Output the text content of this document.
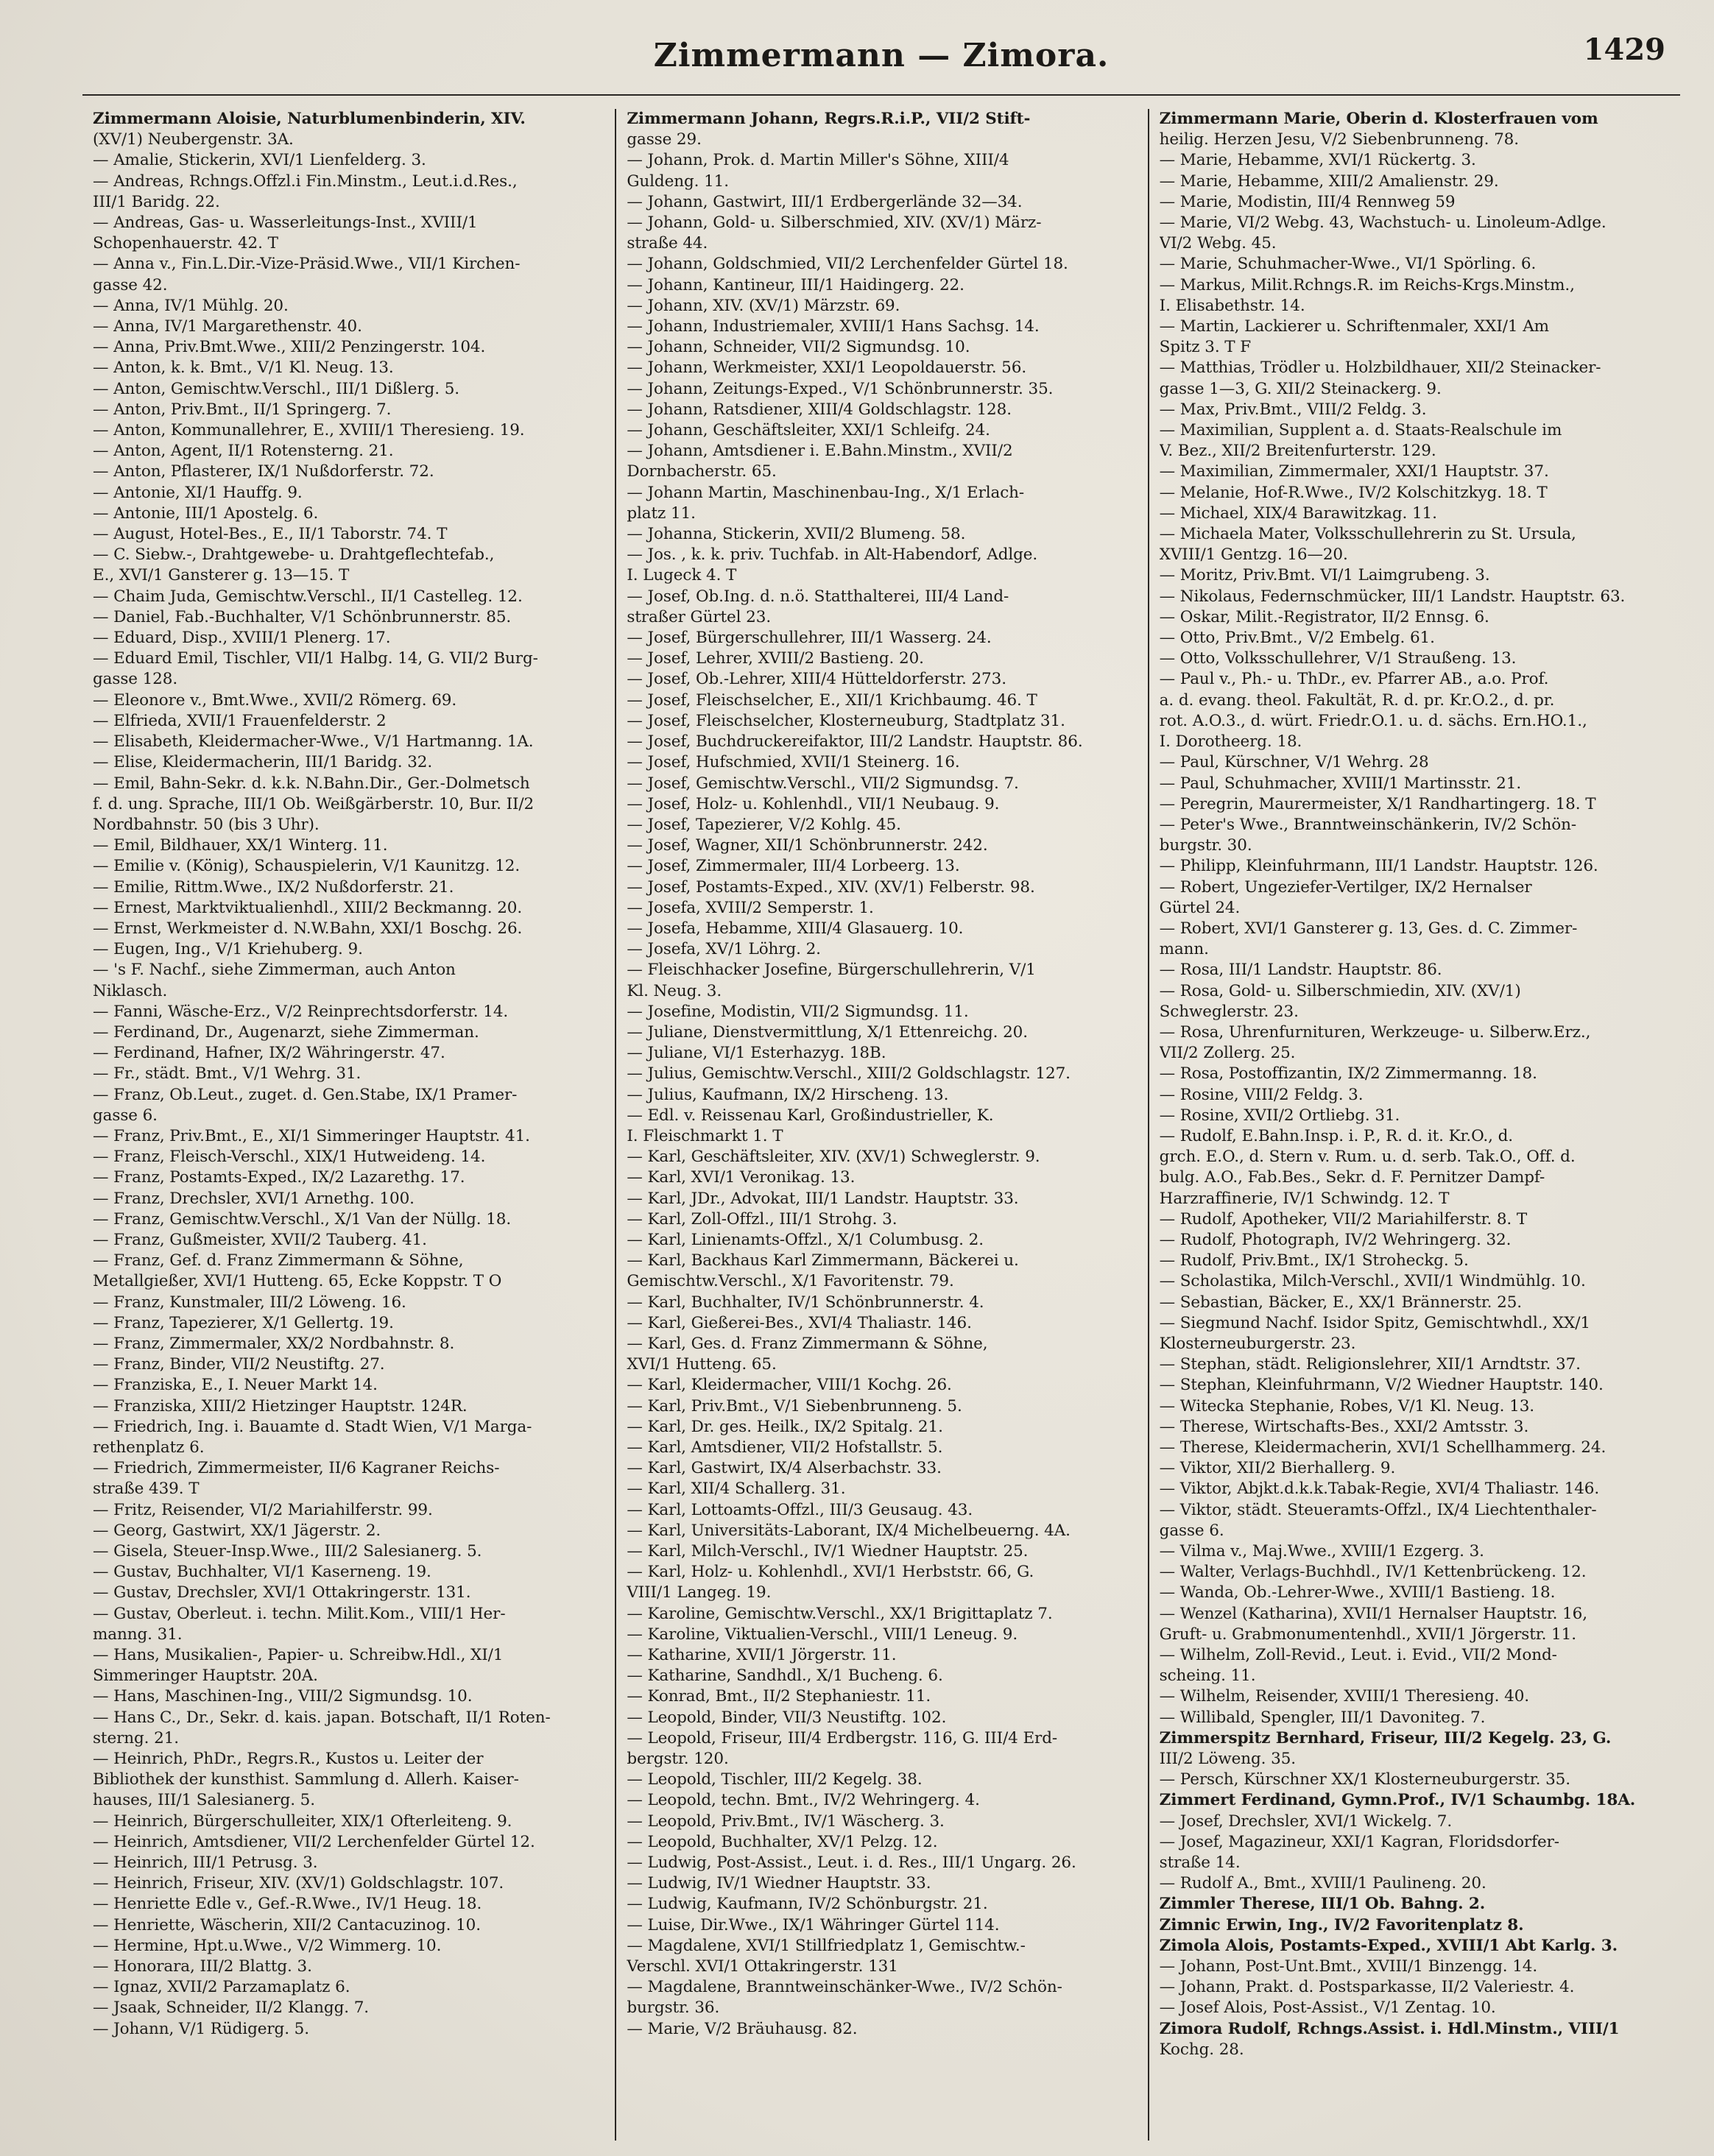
Zimmermann — Zimora.	1429
Zimmermann Aloisie, Naturblumenbinderin, XIV.
(XV/1) Neubergenstr. 3A.
— Amalie, Stickerin, XVI/1 Lienfelderg. 3.
— Andreas, Rchngs.Offzl.i Fin.Minstm., Leut.i.d.Res.,
III/1 Baridg. 22.
— Andreas, Gas- u. Wasserleitungs-Inst., XVIII/1
Schopenhauerstr. 42. T
— Anna v., Fin.L.Dir.-Vize-Präsid.Wwe., VII/1 Kirchen-
gasse 42.
— Anna, IV/1 Mühlg. 20.
— Anna, IV/1 Margarethenstr. 40.
— Anna, Priv.Bmt.Wwe., XIII/2 Penzingerstr. 104.
— Anton, k. k. Bmt., V/1 Kl. Neug. 13.
— Anton, Gemischtw.Verschl., III/1 Dißlerg. 5.
— Anton, Priv.Bmt., II/1 Springerg. 7.
— Anton, Kommunallehrer, E., XVIII/1 Theresieng. 19.
— Anton, Agent, II/1 Rotensterng. 21.
— Anton, Pflasterer, IX/1 Nußdorferstr. 72.
— Antonie, XI/1 Hauffg. 9.
— Antonie, III/1 Apostelg. 6.
— August, Hotel-Bes., E., II/1 Taborstr. 74. T
— C. Siebw.-, Drahtgewebe- u. Drahtgeflechtefab.,
E., XVI/1 Gansterer g. 13—15. T
— Chaim Juda, Gemischtw.Verschl., II/1 Castelleg. 12.
— Daniel, Fab.-Buchhalter, V/1 Schönbrunnerstr. 85.
— Eduard, Disp., XVIII/1 Plenerg. 17.
— Eduard Emil, Tischler, VII/1 Halbg. 14, G. VII/2 Burg-
gasse 128.
— Eleonore v., Bmt.Wwe., XVII/2 Römerg. 69.
— Elfrieda, XVII/1 Frauenfelderstr. 2
— Elisabeth, Kleidermacher-Wwe., V/1 Hartmanng. 1A.
— Elise, Kleidermacherin, III/1 Baridg. 32.
— Emil, Bahn-Sekr. d. k.k. N.Bahn.Dir., Ger.-Dolmetsch
f. d. ung. Sprache, III/1 Ob. Weißgärberstr. 10, Bur. II/2
Nordbahnstr. 50 (bis 3 Uhr).
— Emil, Bildhauer, XX/1 Winterg. 11.
— Emilie v. (König), Schauspielerin, V/1 Kaunitzg. 12.
— Emilie, Rittm.Wwe., IX/2 Nußdorferstr. 21.
— Ernest, Marktviktualienhdl., XIII/2 Beckmanng. 20.
— Ernst, Werkmeister d. N.W.Bahn, XXI/1 Boschg. 26.
— Eugen, Ing., V/1 Kriehuberg. 9.
— 's F. Nachf., siehe Zimmerman, auch Anton
Niklasch.
— Fanni, Wäsche-Erz., V/2 Reinprechtsdorferstr. 14.
— Ferdinand, Dr., Augenarzt, siehe Zimmerman.
— Ferdinand, Hafner, IX/2 Währingerstr. 47.
— Fr., städt. Bmt., V/1 Wehrg. 31.
— Franz, Ob.Leut., zuget. d. Gen.Stabe, IX/1 Pramer-
gasse 6.
— Franz, Priv.Bmt., E., XI/1 Simmeringer Hauptstr. 41.
— Franz, Fleisch-Verschl., XIX/1 Hutweideng. 14.
— Franz, Postamts-Exped., IX/2 Lazarethg. 17.
— Franz, Drechsler, XVI/1 Arnethg. 100.
— Franz, Gemischtw.Verschl., X/1 Van der Nüllg. 18.
— Franz, Gußmeister, XVII/2 Tauberg. 41.
— Franz, Gef. d. Franz Zimmermann & Söhne,
Metallgießer, XVI/1 Hutteng. 65, Ecke Koppstr. T O
— Franz, Kunstmaler, III/2 Löweng. 16.
— Franz, Tapezierer, X/1 Gellertg. 19.
— Franz, Zimmermaler, XX/2 Nordbahnstr. 8.
— Franz, Binder, VII/2 Neustiftg. 27.
— Franziska, E., I. Neuer Markt 14.
— Franziska, XIII/2 Hietzinger Hauptstr. 124R.
— Friedrich, Ing. i. Bauamte d. Stadt Wien, V/1 Marga-
rethenplatz 6.
— Friedrich, Zimmermeister, II/6 Kagraner Reichs-
straße 439. T
— Fritz, Reisender, VI/2 Mariahilferstr. 99.
— Georg, Gastwirt, XX/1 Jägerstr. 2.
— Gisela, Steuer-Insp.Wwe., III/2 Salesianerg. 5.
— Gustav, Buchhalter, VI/1 Kaserneng. 19.
— Gustav, Drechsler, XVI/1 Ottakringerstr. 131.
— Gustav, Oberleut. i. techn. Milit.Kom., VIII/1 Her-
manng. 31.
— Hans, Musikalien-, Papier- u. Schreibw.Hdl., XI/1
Simmeringer Hauptstr. 20A.
— Hans, Maschinen-Ing., VIII/2 Sigmundsg. 10.
— Hans C., Dr., Sekr. d. kais. japan. Botschaft, II/1 Roten-
sterng. 21.
— Heinrich, PhDr., Regrs.R., Kustos u. Leiter der
Bibliothek der kunsthist. Sammlung d. Allerh. Kaiser-
hauses, III/1 Salesianerg. 5.
— Heinrich, Bürgerschulleiter, XIX/1 Ofterleiteng. 9.
— Heinrich, Amtsdiener, VII/2 Lerchenfelder Gürtel 12.
— Heinrich, III/1 Petrusg. 3.
— Heinrich, Friseur, XIV. (XV/1) Goldschlagstr. 107.
— Henriette Edle v., Gef.-R.Wwe., IV/1 Heug. 18.
— Henriette, Wäscherin, XII/2 Cantacuzinog. 10.
— Hermine, Hpt.u.Wwe., V/2 Wimmerg. 10.
— Honorara, III/2 Blattg. 3.
— Ignaz, XVII/2 Parzamaplatz 6.
— Jsaak, Schneider, II/2 Klangg. 7.
— Johann, V/1 Rüdigerg. 5.
Zimmermann Johann, Regrs.R.i.P., VII/2 Stift-
gasse 29.
— Johann, Prok. d. Martin Miller's Söhne, XIII/4
Guldeng. 11.
— Johann, Gastwirt, III/1 Erdbergerlände 32—34.
— Johann, Gold- u. Silberschmied, XIV. (XV/1) März-
straße 44.
— Johann, Goldschmied, VII/2 Lerchenfelder Gürtel 18.
— Johann, Kantineur, III/1 Haidingerg. 22.
— Johann, XIV. (XV/1) Märzstr. 69.
— Johann, Industriemaler, XVIII/1 Hans Sachsg. 14.
— Johann, Schneider, VII/2 Sigmundsg. 10.
— Johann, Werkmeister, XXI/1 Leopoldauerstr. 56.
— Johann, Zeitungs-Exped., V/1 Schönbrunnerstr. 35.
— Johann, Ratsdiener, XIII/4 Goldschlagstr. 128.
— Johann, Geschäftsleiter, XXI/1 Schleifg. 24.
— Johann, Amtsdiener i. E.Bahn.Minstm., XVII/2
Dornbacherstr. 65.
— Johann Martin, Maschinenbau-Ing., X/1 Erlach-
platz 11.
— Johanna, Stickerin, XVII/2 Blumeng. 58.
— Jos. , k. k. priv. Tuchfab. in Alt-Habendorf, Adlge.
I. Lugeck 4. T
— Josef, Ob.Ing. d. n.ö. Statthalterei, III/4 Land-
straßer Gürtel 23.
— Josef, Bürgerschullehrer, III/1 Wasserg. 24.
— Josef, Lehrer, XVIII/2 Bastieng. 20.
— Josef, Ob.-Lehrer, XIII/4 Hütteldorferstr. 273.
— Josef, Fleischselcher, E., XII/1 Krichbaumg. 46. T
— Josef, Fleischselcher, Klosterneuburg, Stadtplatz 31.
— Josef, Buchdruckereifaktor, III/2 Landstr. Hauptstr. 86.
— Josef, Hufschmied, XVII/1 Steinerg. 16.
— Josef, Gemischtw.Verschl., VII/2 Sigmundsg. 7.
— Josef, Holz- u. Kohlenhdl., VII/1 Neubaug. 9.
— Josef, Tapezierer, V/2 Kohlg. 45.
— Josef, Wagner, XII/1 Schönbrunnerstr. 242.
— Josef, Zimmermaler, III/4 Lorbeerg. 13.
— Josef, Postamts-Exped., XIV. (XV/1) Felberstr. 98.
— Josefa, XVIII/2 Semperstr. 1.
— Josefa, Hebamme, XIII/4 Glasauerg. 10.
— Josefa, XV/1 Löhrg. 2.
— Fleischhacker Josefine, Bürgerschullehrerin, V/1
Kl. Neug. 3.
— Josefine, Modistin, VII/2 Sigmundsg. 11.
— Juliane, Dienstvermittlung, X/1 Ettenreichg. 20.
— Juliane, VI/1 Esterhazyg. 18B.
— Julius, Gemischtw.Verschl., XIII/2 Goldschlagstr. 127.
— Julius, Kaufmann, IX/2 Hirscheng. 13.
— Edl. v. Reissenau Karl, Großindustrieller, K.
I. Fleischmarkt 1. T
— Karl, Geschäftsleiter, XIV. (XV/1) Schweglerstr. 9.
— Karl, XVI/1 Veronikag. 13.
— Karl, JDr., Advokat, III/1 Landstr. Hauptstr. 33.
— Karl, Zoll-Offzl., III/1 Strohg. 3.
— Karl, Linienamts-Offzl., X/1 Columbusg. 2.
— Karl, Backhaus Karl Zimmermann, Bäckerei u.
Gemischtw.Verschl., X/1 Favoritenstr. 79.
— Karl, Buchhalter, IV/1 Schönbrunnerstr. 4.
— Karl, Gießerei-Bes., XVI/4 Thaliastr. 146.
— Karl, Ges. d. Franz Zimmermann & Söhne,
XVI/1 Hutteng. 65.
— Karl, Kleidermacher, VIII/1 Kochg. 26.
— Karl, Priv.Bmt., V/1 Siebenbrunneng. 5.
— Karl, Dr. ges. Heilk., IX/2 Spitalg. 21.
— Karl, Amtsdiener, VII/2 Hofstallstr. 5.
— Karl, Gastwirt, IX/4 Alserbachstr. 33.
— Karl, XII/4 Schallerg. 31.
— Karl, Lottoamts-Offzl., III/3 Geusaug. 43.
— Karl, Universitäts-Laborant, IX/4 Michelbeuerng. 4A.
— Karl, Milch-Verschl., IV/1 Wiedner Hauptstr. 25.
— Karl, Holz- u. Kohlenhdl., XVI/1 Herbststr. 66, G.
VIII/1 Langeg. 19.
— Karoline, Gemischtw.Verschl., XX/1 Brigittaplatz 7.
— Karoline, Viktualien-Verschl., VIII/1 Leneug. 9.
— Katharine, XVII/1 Jörgerstr. 11.
— Katharine, Sandhdl., X/1 Bucheng. 6.
— Konrad, Bmt., II/2 Stephaniestr. 11.
— Leopold, Binder, VII/3 Neustiftg. 102.
— Leopold, Friseur, III/4 Erdbergstr. 116, G. III/4 Erd-
bergstr. 120.
— Leopold, Tischler, III/2 Kegelg. 38.
— Leopold, techn. Bmt., IV/2 Wehringerg. 4.
— Leopold, Priv.Bmt., IV/1 Wäscherg. 3.
— Leopold, Buchhalter, XV/1 Pelzg. 12.
— Ludwig, Post-Assist., Leut. i. d. Res., III/1 Ungarg. 26.
— Ludwig, IV/1 Wiedner Hauptstr. 33.
— Ludwig, Kaufmann, IV/2 Schönburgstr. 21.
— Luise, Dir.Wwe., IX/1 Währinger Gürtel 114.
— Magdalene, XVI/1 Stillfriedplatz 1, Gemischtw.-
Verschl. XVI/1 Ottakringerstr. 131
— Magdalene, Branntweinschänker-Wwe., IV/2 Schön-
burgstr. 36.
— Marie, V/2 Bräuhausg. 82.
Zimmermann Marie, Oberin d. Klosterfrauen vom
heilig. Herzen Jesu, V/2 Siebenbrunneng. 78.
— Marie, Hebamme, XVI/1 Rückertg. 3.
— Marie, Hebamme, XIII/2 Amalienstr. 29.
— Marie, Modistin, III/4 Rennweg 59
— Marie, VI/2 Webg. 43, Wachstuch- u. Linoleum-Adlge.
VI/2 Webg. 45.
— Marie, Schuhmacher-Wwe., VI/1 Spörling. 6.
— Markus, Milit.Rchngs.R. im Reichs-Krgs.Minstm.,
I. Elisabethstr. 14.
— Martin, Lackierer u. Schriftenmaler, XXI/1 Am
Spitz 3. T F
— Matthias, Trödler u. Holzbildhauer, XII/2 Steinacker-
gasse 1—3, G. XII/2 Steinackerg. 9.
— Max, Priv.Bmt., VIII/2 Feldg. 3.
— Maximilian, Supplent a. d. Staats-Realschule im
V. Bez., XII/2 Breitenfurterstr. 129.
— Maximilian, Zimmermaler, XXI/1 Hauptstr. 37.
— Melanie, Hof-R.Wwe., IV/2 Kolschitzkyg. 18. T
— Michael, XIX/4 Barawitzkag. 11.
— Michaela Mater, Volksschullehrerin zu St. Ursula,
XVIII/1 Gentzg. 16—20.
— Moritz, Priv.Bmt. VI/1 Laimgrubeng. 3.
— Nikolaus, Federnschmücker, III/1 Landstr. Hauptstr. 63.
— Oskar, Milit.-Registrator, II/2 Ennsg. 6.
— Otto, Priv.Bmt., V/2 Embelg. 61.
— Otto, Volksschullehrer, V/1 Straußeng. 13.
— Paul v., Ph.- u. ThDr., ev. Pfarrer AB., a.o. Prof.
a. d. evang. theol. Fakultät, R. d. pr. Kr.O.2., d. pr.
rot. A.O.3., d. würt. Friedr.O.1. u. d. sächs. Ern.HO.1.,
I. Dorotheerg. 18.
— Paul, Kürschner, V/1 Wehrg. 28
— Paul, Schuhmacher, XVIII/1 Martinsstr. 21.
— Peregrin, Maurermeister, X/1 Randhartingerg. 18. T
— Peter's Wwe., Branntweinschänkerin, IV/2 Schön-
burgstr. 30.
— Philipp, Kleinfuhrmann, III/1 Landstr. Hauptstr. 126.
— Robert, Ungeziefer-Vertilger, IX/2 Hernalser
Gürtel 24.
— Robert, XVI/1 Gansterer g. 13, Ges. d. C. Zimmer-
mann.
— Rosa, III/1 Landstr. Hauptstr. 86.
— Rosa, Gold- u. Silberschmiedin, XIV. (XV/1)
Schweglerstr. 23.
— Rosa, Uhrenfurnituren, Werkzeuge- u. Silberw.Erz.,
VII/2 Zollerg. 25.
— Rosa, Postoffizantin, IX/2 Zimmermanng. 18.
— Rosine, VIII/2 Feldg. 3.
— Rosine, XVII/2 Ortliebg. 31.
— Rudolf, E.Bahn.Insp. i. P., R. d. it. Kr.O., d.
grch. E.O., d. Stern v. Rum. u. d. serb. Tak.O., Off. d.
bulg. A.O., Fab.Bes., Sekr. d. F. Pernitzer Dampf-
Harzraffinerie, IV/1 Schwindg. 12. T
— Rudolf, Apotheker, VII/2 Mariahilferstr. 8. T
— Rudolf, Photograph, IV/2 Wehringerg. 32.
— Rudolf, Priv.Bmt., IX/1 Stroheckg. 5.
— Scholastika, Milch-Verschl., XVII/1 Windmühlg. 10.
— Sebastian, Bäcker, E., XX/1 Brännerstr. 25.
— Siegmund Nachf. Isidor Spitz, Gemischtwhdl., XX/1
Klosterneuburgerstr. 23.
— Stephan, städt. Religionslehrer, XII/1 Arndtstr. 37.
— Stephan, Kleinfuhrmann, V/2 Wiedner Hauptstr. 140.
— Witecka Stephanie, Robes, V/1 Kl. Neug. 13.
— Therese, Wirtschafts-Bes., XXI/2 Amtsstr. 3.
— Therese, Kleidermacherin, XVI/1 Schellhammerg. 24.
— Viktor, XII/2 Bierhallerg. 9.
— Viktor, Abjkt.d.k.k.Tabak-Regie, XVI/4 Thaliastr. 146.
— Viktor, städt. Steueramts-Offzl., IX/4 Liechtenthaler-
gasse 6.
— Vilma v., Maj.Wwe., XVIII/1 Ezgerg. 3.
— Walter, Verlags-Buchhdl., IV/1 Kettenbrückeng. 12.
— Wanda, Ob.-Lehrer-Wwe., XVIII/1 Bastieng. 18.
— Wenzel (Katharina), XVII/1 Hernalser Hauptstr. 16,
Gruft- u. Grabmonumentenhdl., XVII/1 Jörgerstr. 11.
— Wilhelm, Zoll-Revid., Leut. i. Evid., VII/2 Mond-
scheing. 11.
— Wilhelm, Reisender, XVIII/1 Theresieng. 40.
— Willibald, Spengler, III/1 Davoniteg. 7.
Zimmerspitz Bernhard, Friseur, III/2 Kegelg. 23, G.
III/2 Löweng. 35.
— Persch, Kürschner XX/1 Klosterneuburgerstr. 35.
Zimmert Ferdinand, Gymn.Prof., IV/1 Schaumbg. 18A.
— Josef, Drechsler, XVI/1 Wickelg. 7.
— Josef, Magazineur, XXI/1 Kagran, Floridsdorfer-
straße 14.
— Rudolf A., Bmt., XVIII/1 Paulineng. 20.
Zimmler Therese, III/1 Ob. Bahng. 2.
Zimnic Erwin, Ing., IV/2 Favoritenplatz 8.
Zimola Alois, Postamts-Exped., XVIII/1 Abt Karlg. 3.
— Johann, Post-Unt.Bmt., XVIII/1 Binzengg. 14.
— Johann, Prakt. d. Postsparkasse, II/2 Valeriestr. 4.
— Josef Alois, Post-Assist., V/1 Zentag. 10.
Zimora Rudolf, Rchngs.Assist. i. Hdl.Minstm., VIII/1
Kochg. 28.
